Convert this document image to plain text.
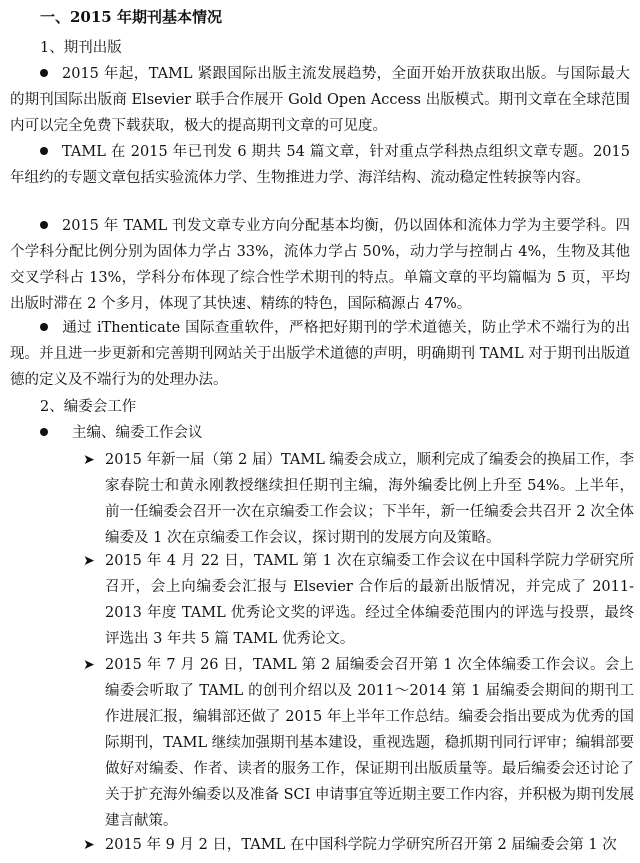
一、2015 年期刊基本情况
1、期刊出版
2015 年起，TAML 紧跟国际出版主流发展趋势，全面开始开放获取出版。与国际最大的期刊国际出版商 Elsevier 联手合作展开 Gold Open Access 出版模式。期刊文章在全球范围内可以完全免费下载获取，极大的提高期刊文章的可见度。
TAML 在 2015 年已刊发 6 期共 54 篇文章，针对重点学科热点组织文章专题。2015 年组约的专题文章包括实验流体力学、生物推进力学、海洋结构、流动稳定性转捩等内容。
2015 年 TAML 刊发文章专业方向分配基本均衡，仍以固体和流体力学为主要学科。四个学科分配比例分别为固体力学占 33%，流体力学占 50%，动力学与控制占 4%，生物及其他交叉学科占 13%，学科分布体现了综合性学术期刊的特点。单篇文章的平均篇幅为 5 页，平均出版时滞在 2 个多月，体现了其快速、精练的特色，国际稿源占 47%。
通过 iThenticate 国际查重软件，严格把好期刊的学术道德关，防止学术不端行为的出现。并且进一步更新和完善期刊网站关于出版学术道德的声明，明确期刊 TAML 对于期刊出版道德的定义及不端行为的处理办法。
2、编委会工作
主编、编委工作会议
➤ 2015 年新一届（第 2 届）TAML 编委会成立，顺利完成了编委会的换届工作，李家春院士和黄永刚教授继续担任期刊主编，海外编委比例上升至 54%。上半年，前一任编委会召开一次在京编委工作会议；下半年，新一任编委会共召开 2 次全体编委及 1 次在京编委工作会议，探讨期刊的发展方向及策略。
➤ 2015 年 4 月 22 日，TAML 第 1 次在京编委工作会议在中国科学院力学研究所召开，会上向编委会汇报与 Elsevier 合作后的最新出版情况，并完成了 2011-2013 年度 TAML 优秀论文奖的评选。经过全体编委范围内的评选与投票，最终评选出 3 年共 5 篇 TAML 优秀论文。
➤ 2015 年 7 月 26 日，TAML 第 2 届编委会召开第 1 次全体编委工作会议。会上编委会听取了 TAML 的创刊介绍以及 2011～2014 第 1 届编委会期间的期刊工作进展汇报，编辑部还做了 2015 年上半年工作总结。编委会指出要成为优秀的国际期刊，TAML 继续加强期刊基本建设，重视选题，稳抓期刊同行评审；编辑部要做好对编委、作者、读者的服务工作，保证期刊出版质量等。最后编委会还讨论了关于扩充海外编委以及准备 SCI 申请事宜等近期主要工作内容，并积极为期刊发展建言献策。
➤ 2015 年 9 月 2 日，TAML 在中国科学院力学研究所召开第 2 届编委会第 1 次
